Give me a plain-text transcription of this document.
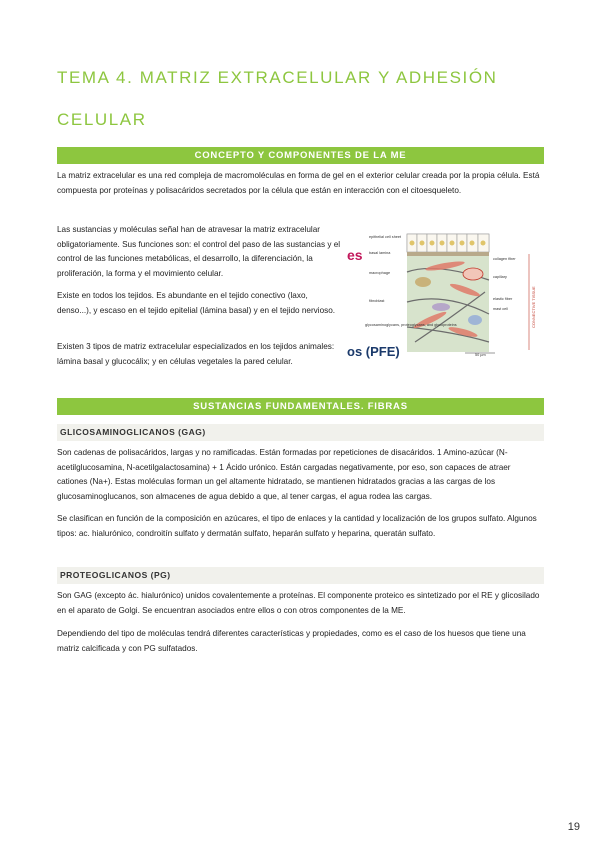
TEMA 4. MATRIZ EXTRACELULAR Y ADHESIÓN
CELULAR
CONCEPTO Y COMPONENTES DE LA ME

La matriz extracelular es una red compleja de macromoléculas en forma de gel en el exterior celular creada por la propia célula. Está compuesta por proteínas y polisacáridos secretados por la célula que están en interacción con el citoesqueleto.

Las sustancias y moléculas señal han de atravesar la matriz extracelular obligatoriamente. Sus funciones son: el control del paso de las sustancias y el control de las funciones metabólicas, el desarrollo, la diferenciación, la proliferación, la forma y el movimiento celular.

Existe en todos los tejidos. Es abundante en el tejido conectivo (laxo, denso...), y escaso en el tejido epitelial (lámina basal) y en el tejido nervioso.

Existen 3 tipos de matriz extracelular especializados en los tejidos animales: lámina basal y glucocálix; y en células vegetales la pared celular.

es
os (PFE)
epithelial cell sheet
basal lamina
macrophage
fibroblast
glycosaminoglycans, proteoglycans, and glycoproteins
collagen fiber
capillary
elastic fiber
mast cell
50 µm
CONNECTIVE TISSUE
SUSTANCIAS FUNDAMENTALES. FIBRAS
GLICOSAMINOGLICANOS (GAG)

Son cadenas de polisacáridos, largas y no ramificadas. Están formadas por repeticiones de disacáridos. 1 Amino-azúcar (N-acetilglucosamina, N-acetilgalactosamina) + 1 Ácido urónico. Están cargadas negativamente, por eso, son capaces de atraer cationes (Na+). Estas moléculas forman un gel altamente hidratado, se mantienen hidratados gracias a las cargas de los glucosaminoglucanos, son almacenes de agua debido a que, al tener cargas, el agua rodea las cargas.

Se clasifican en función de la composición en azúcares, el tipo de enlaces y la cantidad y localización de los grupos sulfato. Algunos tipos: ac. hialurónico, condroitín sulfato y dermatán sulfato, heparán sulfato y heparina, queratán sulfato.

PROTEOGLICANOS (PG)

Son GAG (excepto ác. hialurónico) unidos covalentemente a proteínas. El componente proteico es sintetizado por el RE y glicosilado en el aparato de Golgi. Se encuentran asociados entre ellos o con otros componentes de la ME.

Dependiendo del tipo de moléculas tendrá diferentes características y propiedades, como es el caso de los huesos que tiene una matriz calcificada y con PG sulfatados.

19
